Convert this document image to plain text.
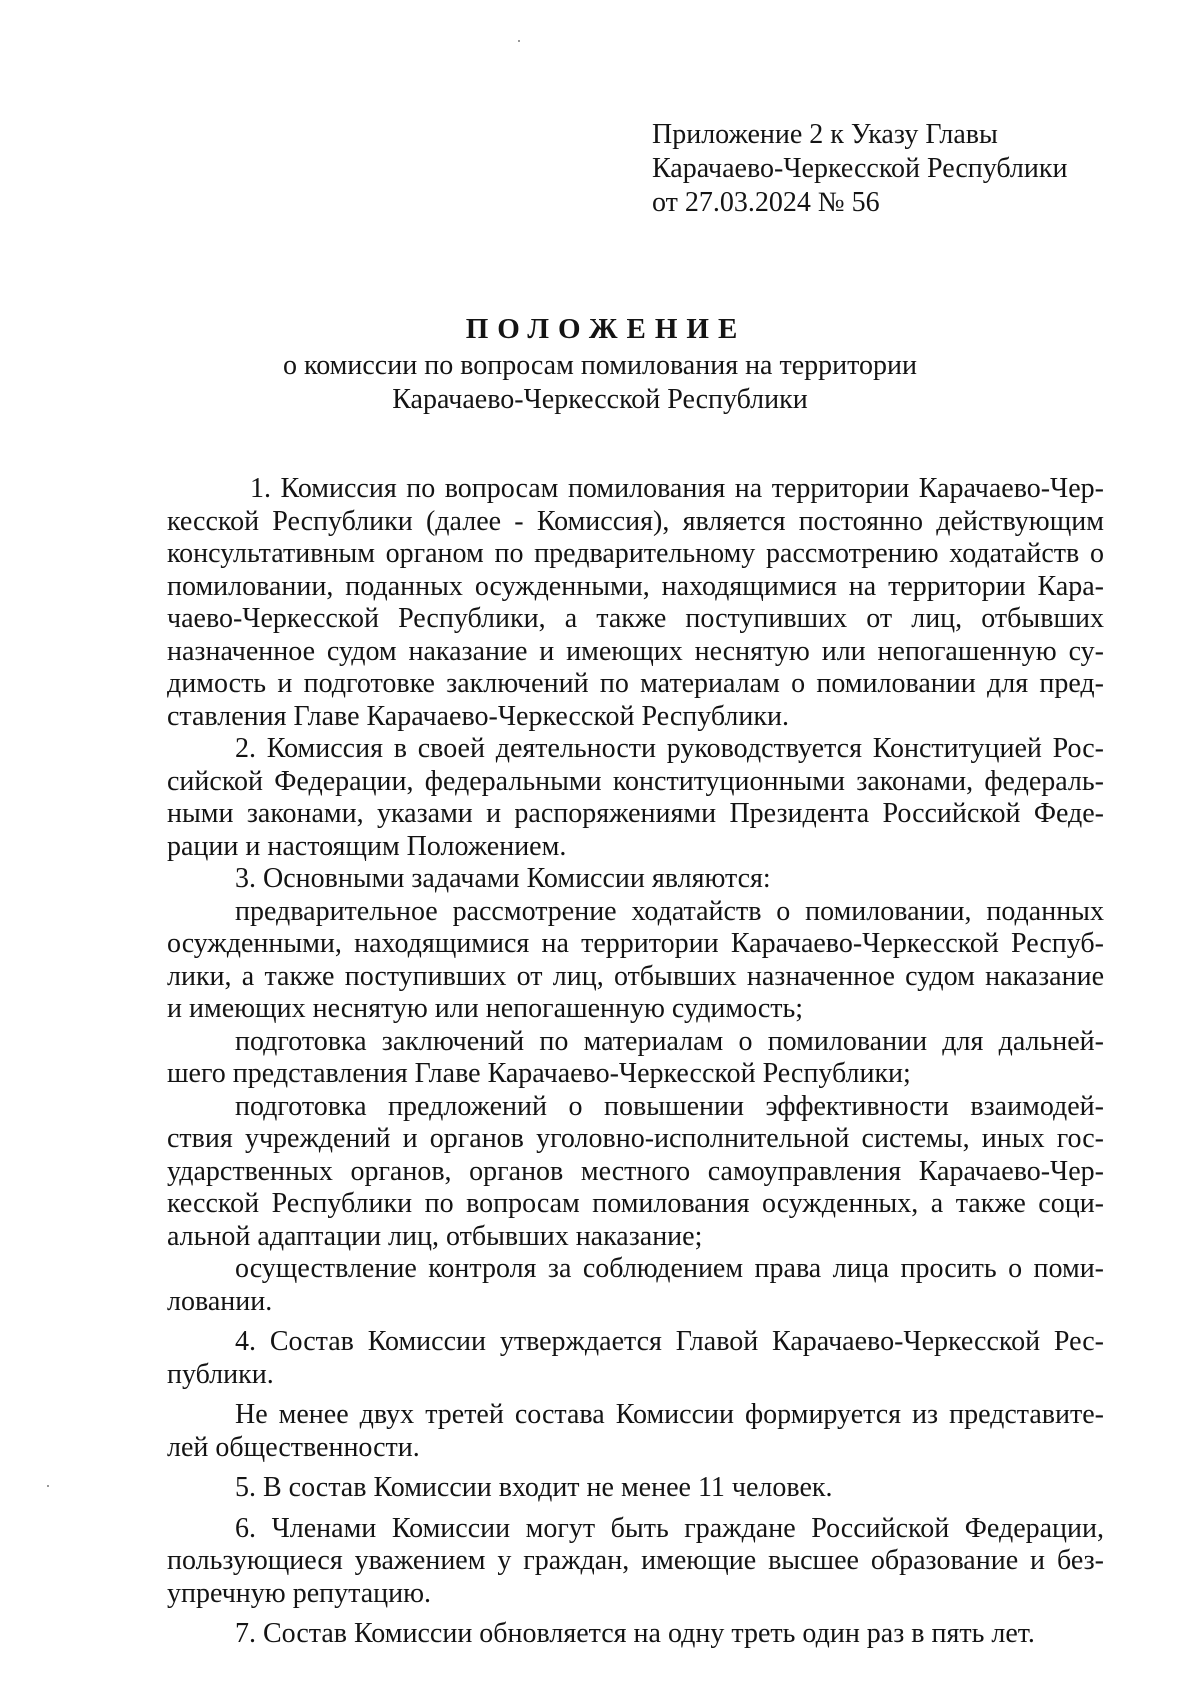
Приложение 2 к Указу Главы
Карачаево-Черкесской Республики
от 27.03.2024 № 56
ПОЛОЖЕНИЕ
о комиссии по вопросам помилования на территории
Карачаево-Черкесской Республики
1. Комиссия по вопросам помилования на территории Карачаево-Чер-
кесской Республики (далее - Комиссия), является постоянно действующим
консультативным органом по предварительному рассмотрению ходатайств о
помиловании, поданных осужденными, находящимися на территории Кара-
чаево-Черкесской Республики, а также поступивших от лиц, отбывших
назначенное судом наказание и имеющих неснятую или непогашенную су-
димость и подготовке заключений по материалам о помиловании для пред-
ставления Главе Карачаево-Черкесской Республики.
2. Комиссия в своей деятельности руководствуется Конституцией Рос-
сийской Федерации, федеральными конституционными законами, федераль-
ными законами, указами и распоряжениями Президента Российской Феде-
рации и настоящим Положением.
3. Основными задачами Комиссии являются:
предварительное рассмотрение ходатайств о помиловании, поданных
осужденными, находящимися на территории Карачаево-Черкесской Респуб-
лики, а также поступивших от лиц, отбывших назначенное судом наказание
и имеющих неснятую или непогашенную судимость;
подготовка заключений по материалам о помиловании для дальней-
шего представления Главе Карачаево-Черкесской Республики;
подготовка предложений о повышении эффективности взаимодей-
ствия учреждений и органов уголовно-исполнительной системы, иных гос-
ударственных органов, органов местного самоуправления Карачаево-Чер-
кесской Республики по вопросам помилования осужденных, а также соци-
альной адаптации лиц, отбывших наказание;
осуществление контроля за соблюдением права лица просить о поми-
ловании.
4. Состав Комиссии утверждается Главой Карачаево-Черкесской Рес-
публики.
Не менее двух третей состава Комиссии формируется из представите-
лей общественности.
5. В состав Комиссии входит не менее 11 человек.
6. Членами Комиссии могут быть граждане Российской Федерации,
пользующиеся уважением у граждан, имеющие высшее образование и без-
упречную репутацию.
7. Состав Комиссии обновляется на одну треть один раз в пять лет.
